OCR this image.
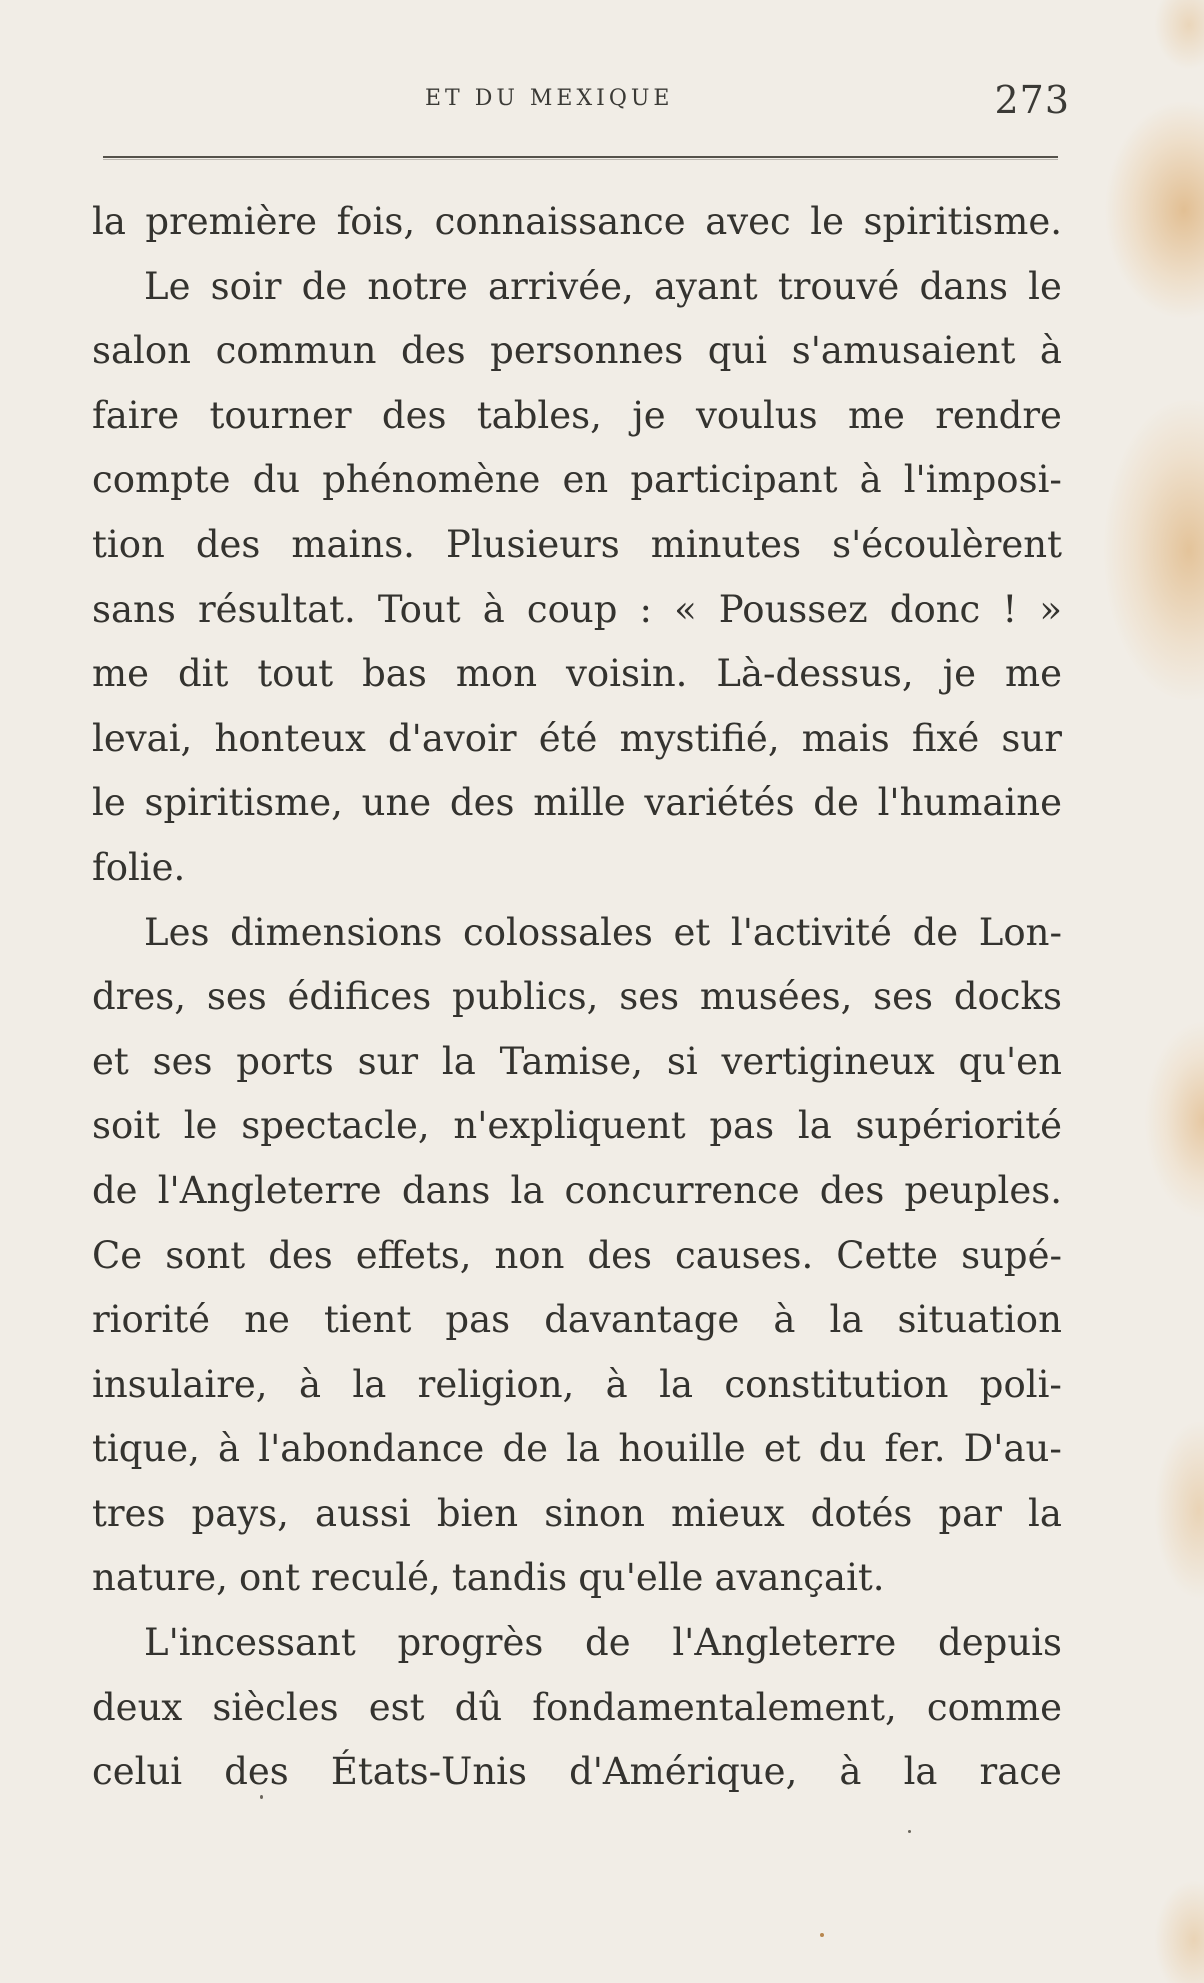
ET DU MEXIQUE	273
la première fois, connaissance avec le spiritisme.
Le soir de notre arrivée, ayant trouvé dans le
salon commun des personnes qui s'amusaient à
faire tourner des tables, je voulus me rendre
compte du phénomène en participant à l'imposi-
tion des mains. Plusieurs minutes s'écoulèrent
sans résultat. Tout à coup : « Poussez donc ! »
me dit tout bas mon voisin. Là-dessus, je me
levai, honteux d'avoir été mystifié, mais fixé sur
le spiritisme, une des mille variétés de l'humaine
folie.
Les dimensions colossales et l'activité de Lon-
dres, ses édifices publics, ses musées, ses docks
et ses ports sur la Tamise, si vertigineux qu'en
soit le spectacle, n'expliquent pas la supériorité
de l'Angleterre dans la concurrence des peuples.
Ce sont des effets, non des causes. Cette supé-
riorité ne tient pas davantage à la situation
insulaire, à la religion, à la constitution poli-
tique, à l'abondance de la houille et du fer. D'au-
tres pays, aussi bien sinon mieux dotés par la
nature, ont reculé, tandis qu'elle avançait.
L'incessant progrès de l'Angleterre depuis
deux siècles est dû fondamentalement, comme
celui des États-Unis d'Amérique, à la race
